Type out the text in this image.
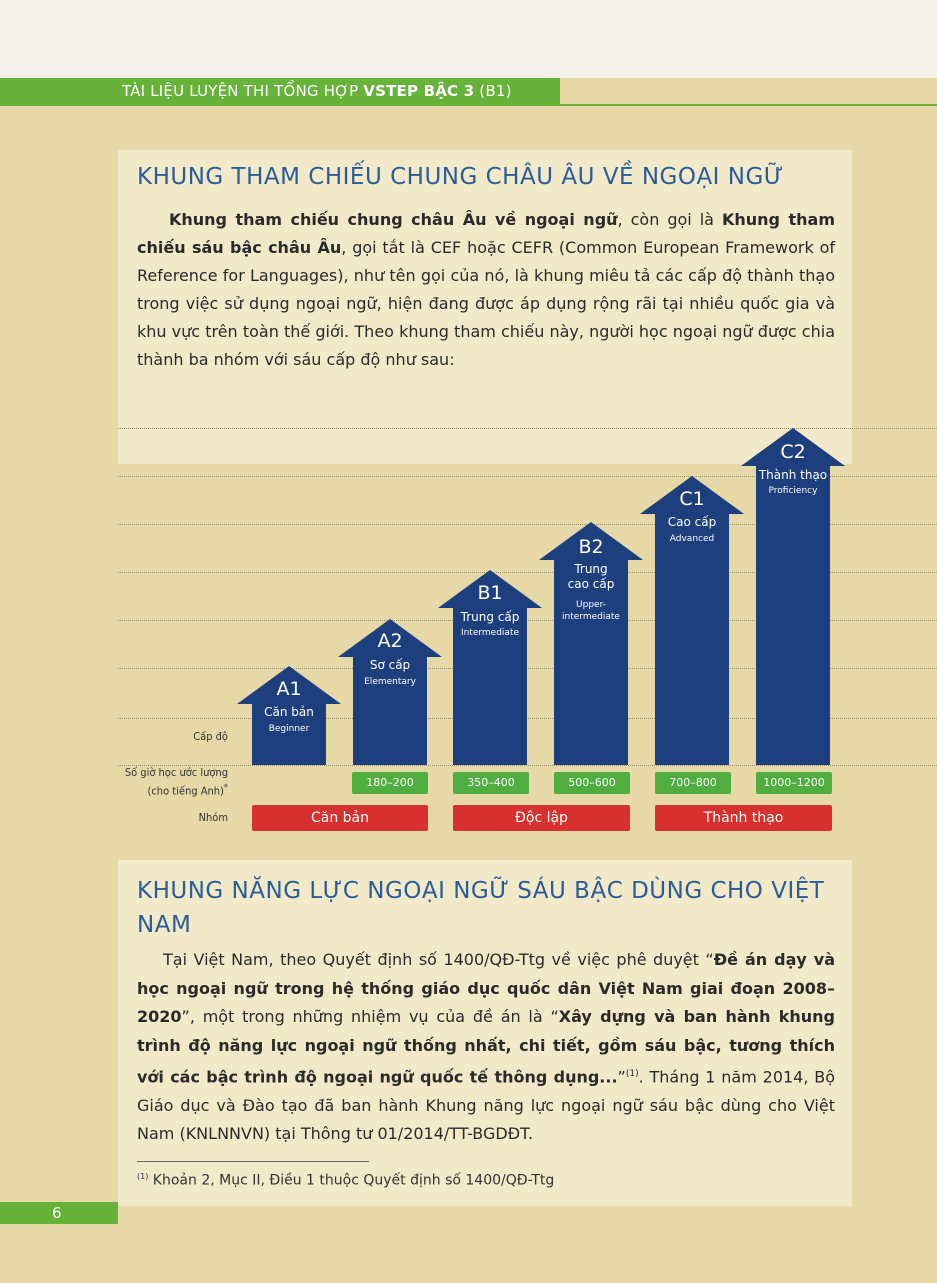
TÀI LIỆU LUYỆN THI TỔNG HỢP VSTEP BẬC 3 (B1)
KHUNG THAM CHIẾU CHUNG CHÂU ÂU VỀ NGOẠI NGỮ
Khung tham chiếu chung châu Âu về ngoại ngữ, còn gọi là Khung tham chiếu sáu bậc châu Âu, gọi tắt là CEF hoặc CEFR (Common European Framework of Reference for Languages), như tên gọi của nó, là khung miêu tả các cấp độ thành thạo trong việc sử dụng ngoại ngữ, hiện đang được áp dụng rộng rãi tại nhiều quốc gia và khu vực trên toàn thế giới. Theo khung tham chiếu này, người học ngoại ngữ được chia thành ba nhóm với sáu cấp độ như sau:
Cấp độ
Số giờ học ước lượng
(cho tiếng Anh)*
Nhóm
A1
Căn bản
Beginner
A2
Sơ cấp
Elementary
B1
Trung cấp
Intermediate
B2
Trung cao cấp
Upper-intermediate
C1
Cao cấp
Advanced
C2
Thành thạo
Proficiency
180–200	350–400	500–600	700–800	1000–1200
Căn bản	Độc lập	Thành thạo
KHUNG NĂNG LỰC NGOẠI NGỮ SÁU BẬC DÙNG CHO VIỆT NAM
Tại Việt Nam, theo Quyết định số 1400/QĐ-Ttg về việc phê duyệt “Đề án dạy và học ngoại ngữ trong hệ thống giáo dục quốc dân Việt Nam giai đoạn 2008–2020”, một trong những nhiệm vụ của đề án là “Xây dựng và ban hành khung trình độ năng lực ngoại ngữ thống nhất, chi tiết, gồm sáu bậc, tương thích với các bậc trình độ ngoại ngữ quốc tế thông dụng...”$^{(1)}$. Tháng 1 năm 2014, Bộ Giáo dục và Đào tạo đã ban hành Khung năng lực ngoại ngữ sáu bậc dùng cho Việt Nam (KNLNNVN) tại Thông tư 01/2014/TT-BGDĐT.
$^{(1)}$ Khoản 2, Mục II, Điều 1 thuộc Quyết định số 1400/QĐ-Ttg
6
